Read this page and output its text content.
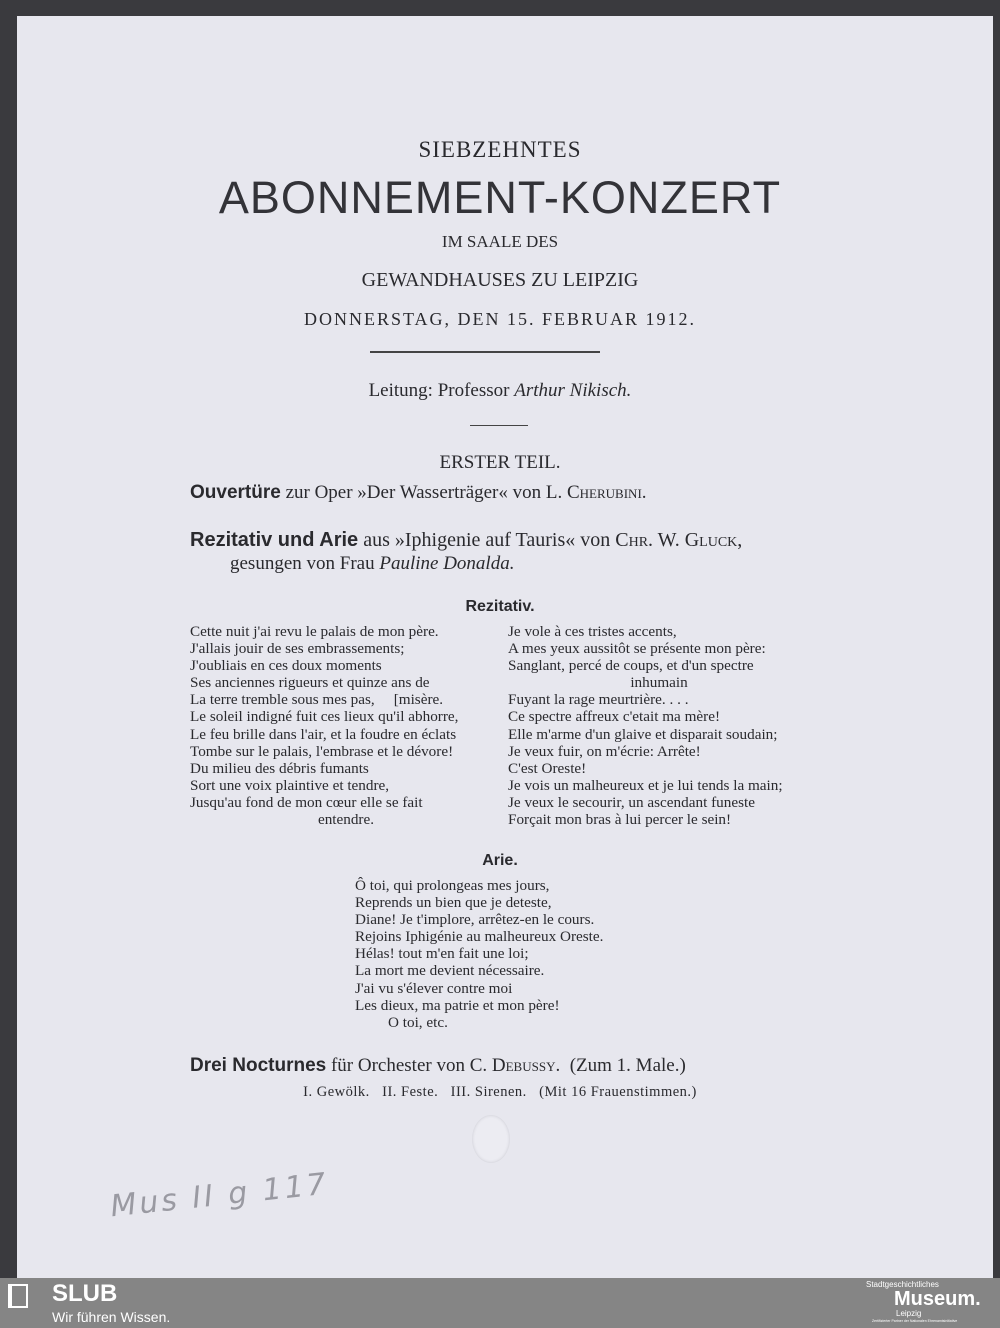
SIEBZEHNTES
ABONNEMENT-KONZERT
IM SAALE DES
GEWANDHAUSES ZU LEIPZIG
DONNERSTAG, DEN 15. FEBRUAR 1912.
Leitung: Professor Arthur Nikisch.
ERSTER TEIL.
Ouvertüre zur Oper »Der Wasserträger« von L. Cherubini.
Rezitativ und Arie aus »Iphigenie auf Tauris« von Chr. W. Gluck,
gesungen von Frau Pauline Donalda.
Rezitativ.
Cette nuit j'ai revu le palais de mon père.
J'allais jouir de ses embrassements;
J'oubliais en ces doux moments
Ses anciennes rigueurs et quinze ans de
La terre tremble sous mes pas,     [misère.
Le soleil indigné fuit ces lieux qu'il abhorre,
Le feu brille dans l'air, et la foudre en éclats
Tombe sur le palais, l'embrase et le dévore!
Du milieu des débris fumants
Sort une voix plaintive et tendre,
Jusqu'au fond de mon cœur elle se fait
entendre.
Je vole à ces tristes accents,
A mes yeux aussitôt se présente mon père:
Sanglant, percé de coups, et d'un spectre
inhumain
Fuyant la rage meurtrière. . . .
Ce spectre affreux c'etait ma mère!
Elle m'arme d'un glaive et disparait soudain;
Je veux fuir, on m'écrie: Arrête!
C'est Oreste!
Je vois un malheureux et je lui tends la main;
Je veux le secourir, un ascendant funeste
Forçait mon bras à lui percer le sein!
Arie.
Ô toi, qui prolongeas mes jours,
Reprends un bien que je deteste,
Diane! Je t'implore, arrêtez-en le cours.
Rejoins Iphigénie au malheureux Oreste.
Hélas! tout m'en fait une loi;
La mort me devient nécessaire.
J'ai vu s'élever contre moi
Les dieux, ma patrie et mon père!
O toi, etc.
Drei Nocturnes für Orchester von C. Debussy.  (Zum 1. Male.)
I. Gewölk.   II. Feste.   III. Sirenen.   (Mit 16 Frauenstimmen.)
Mus II g 117
SLUB
Wir führen Wissen.
Stadtgeschichtliches
Museum.
Leipzig
Zertifizierter Partner der Nationalen Ehrenamtsinitiative
